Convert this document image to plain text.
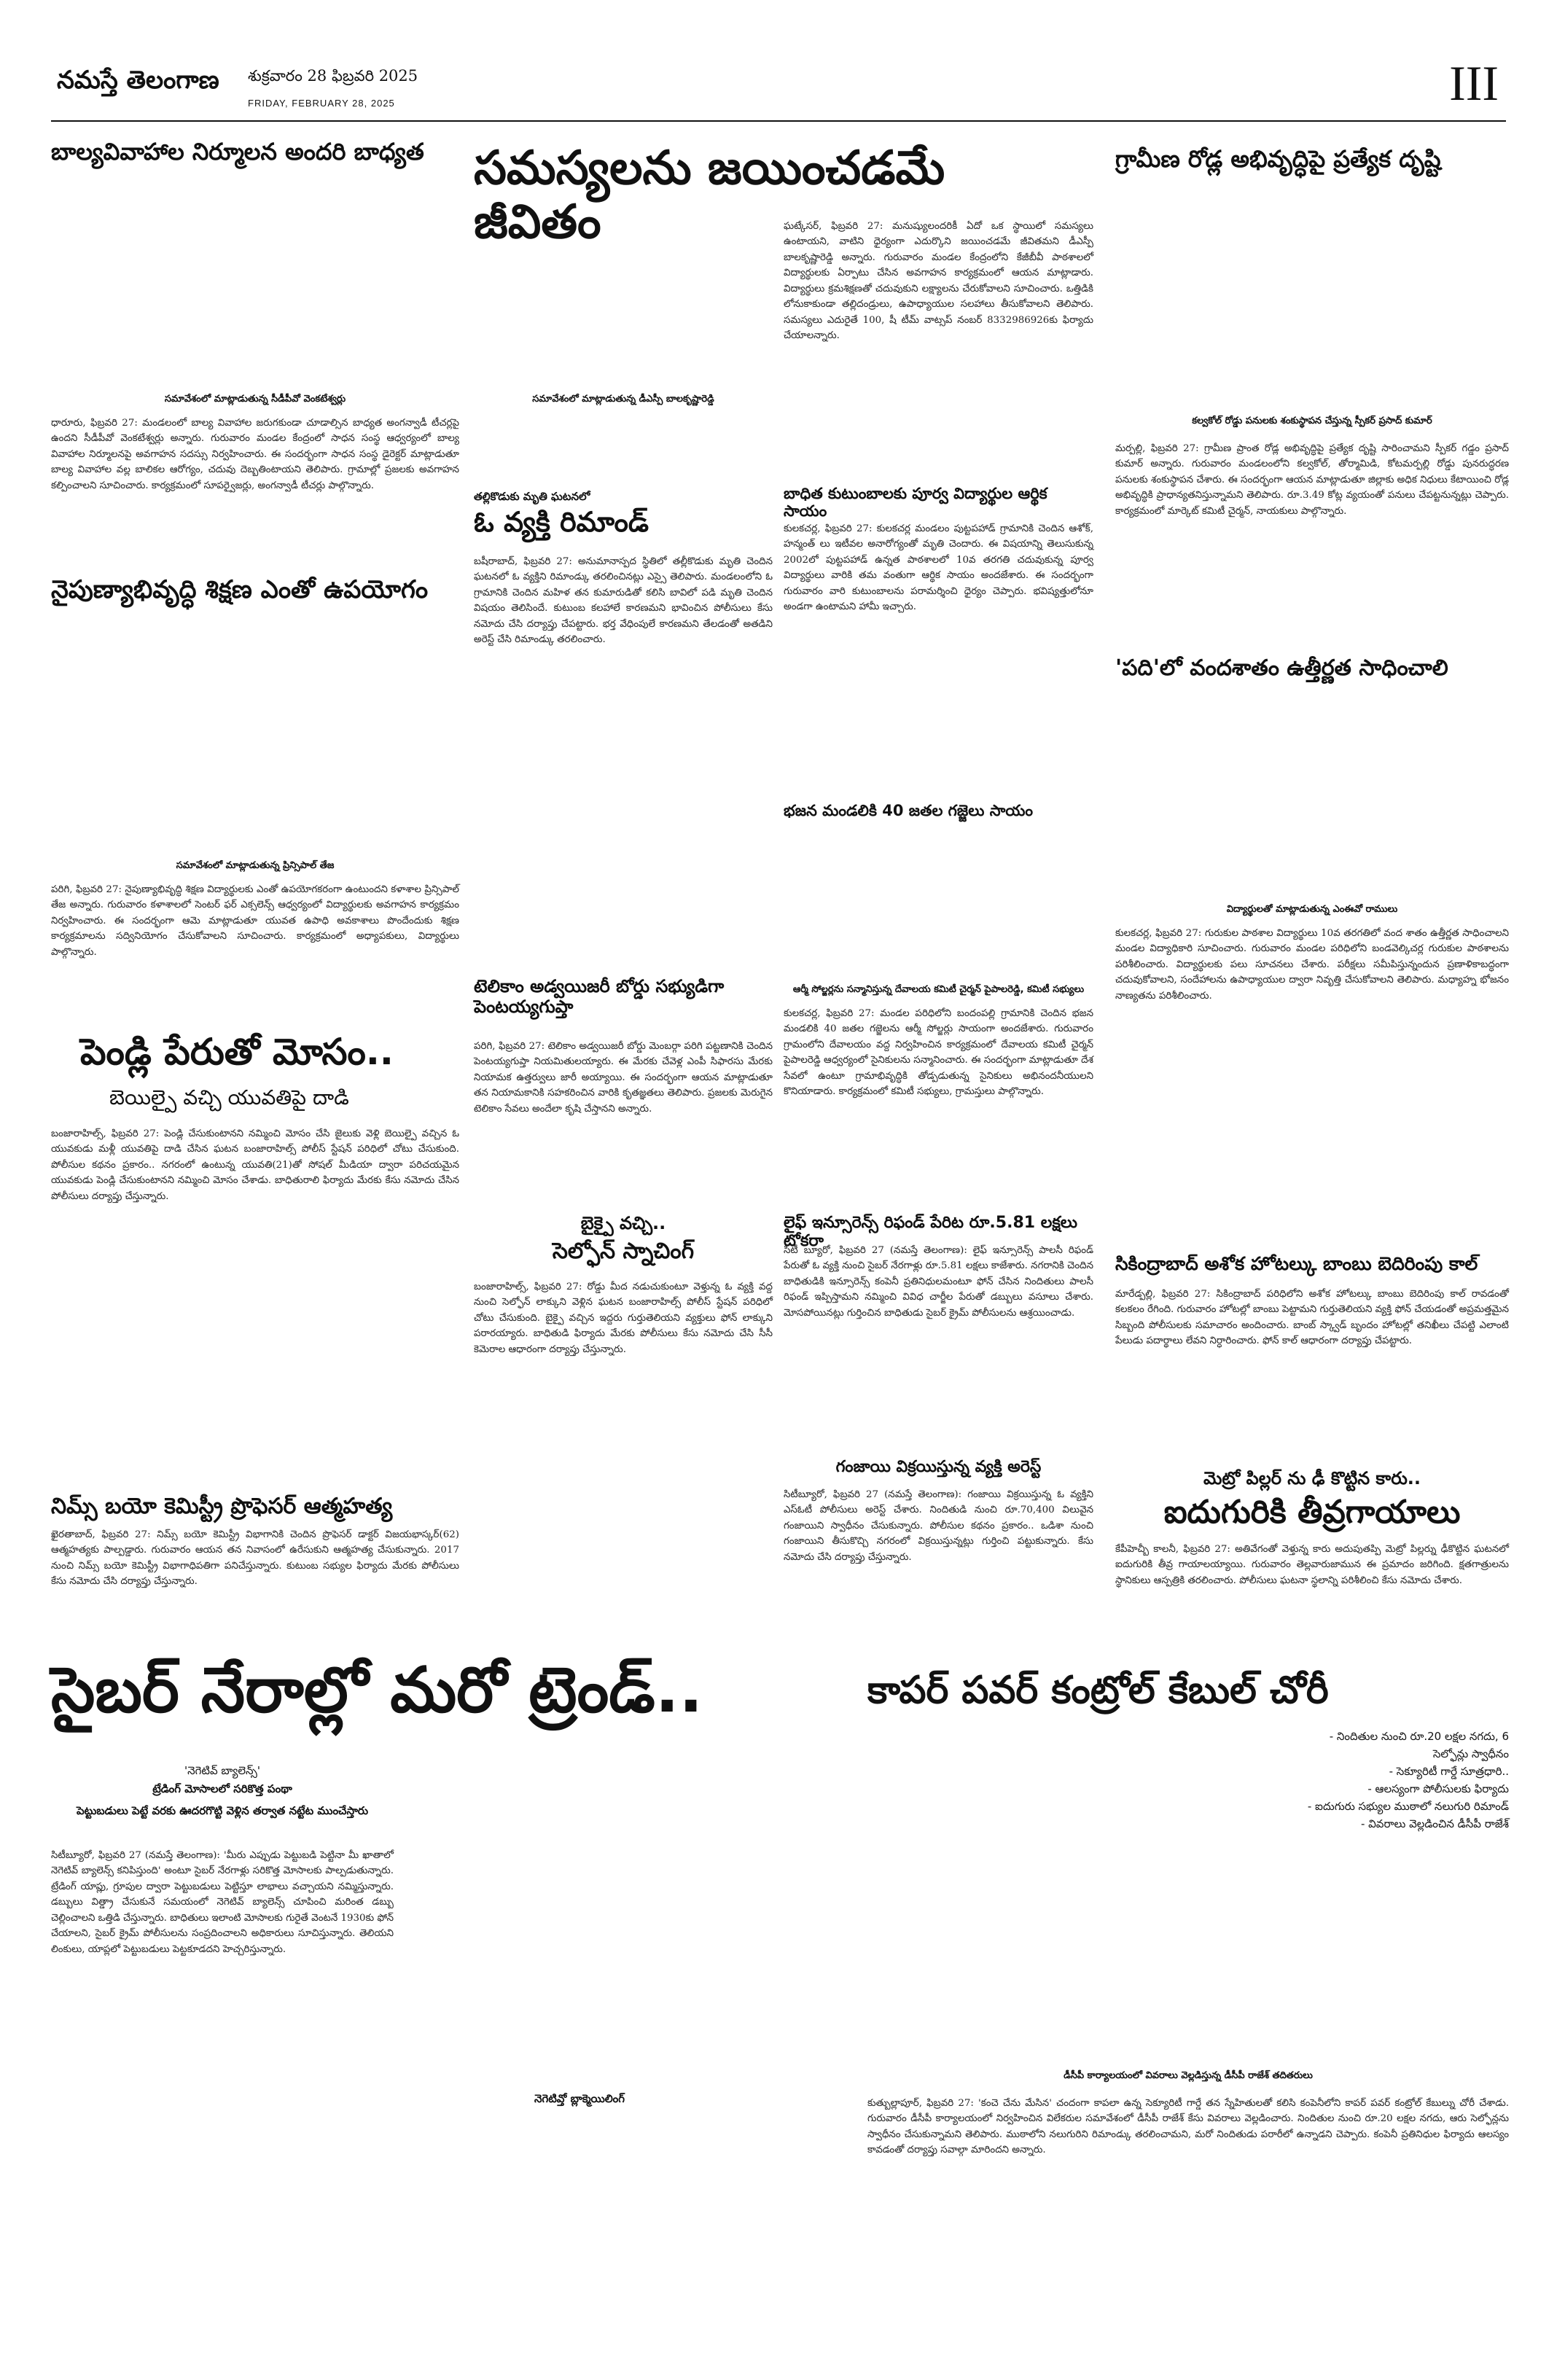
నమస్తే తెలంగాణ శుక్రవారం 28 ఫిబ్రవరి 2025
FRIDAY, FEBRUARY 28, 2025	III
బాల్యవివాహాల నిర్మూలన అందరి బాధ్యత
సమావేశంలో మాట్లాడుతున్న సీడీపీవో వెంకటేశ్వర్లు
ధారూరు, ఫిబ్రవరి 27: మండలంలో బాల్య వివాహాల జరుగకుండా చూడాల్సిన బాధ్యత అంగన్వాడీ టీచర్లపై ఉందని సీడీపీవో వెంకటేశ్వర్లు అన్నారు. గురువారం మండల కేంద్రంలో సాధన సంస్థ ఆధ్వర్యంలో బాల్య వివాహాల నిర్మూలనపై అవగాహన సదస్సు నిర్వహించారు. ఈ సందర్భంగా సాధన సంస్థ డైరెక్టర్ మాట్లాడుతూ బాల్య వివాహాల వల్ల బాలికల ఆరోగ్యం, చదువు దెబ్బతింటాయని తెలిపారు. గ్రామాల్లో ప్రజలకు అవగాహన కల్పించాలని సూచించారు. కార్యక్రమంలో సూపర్వైజర్లు, అంగన్వాడీ టీచర్లు పాల్గొన్నారు.
సమస్యలను జయించడమే జీవితం	ఘట్కేసర్, ఫిబ్రవరి 27: మనుష్యులందరికీ ఏదో ఒక స్థాయిలో సమస్యలు ఉంటాయని, వాటిని ధైర్యంగా ఎదుర్కొని జయించడమే జీవితమని డీఎస్పీ బాలకృష్ణారెడ్డి అన్నారు. గురువారం మండల కేంద్రంలోని కేజీబీవీ పాఠశాలలో విద్యార్థులకు ఏర్పాటు చేసిన అవగాహన కార్యక్రమంలో ఆయన మాట్లాడారు. విద్యార్థులు క్రమశిక్షణతో చదువుకుని లక్ష్యాలను చేరుకోవాలని సూచించారు. ఒత్తిడికి లోనుకాకుండా తల్లిదండ్రులు, ఉపాధ్యాయుల సలహాలు తీసుకోవాలని తెలిపారు. సమస్యలు ఎదురైతే 100, షీ టీమ్ వాట్సప్ నంబర్ 8332986926కు ఫిర్యాదు చేయాలన్నారు.
సమావేశంలో మాట్లాడుతున్న డీఎస్పీ బాలకృష్ణారెడ్డి
గ్రామీణ రోడ్ల అభివృద్ధిపై ప్రత్యేక దృష్టి
కల్వకోల్ రోడ్డు పనులకు శంకుస్థాపన చేస్తున్న స్పీకర్ ప్రసాద్ కుమార్
మర్పల్లి, ఫిబ్రవరి 27: గ్రామీణ ప్రాంత రోడ్ల అభివృద్ధిపై ప్రత్యేక దృష్టి సారించామని స్పీకర్ గడ్డం ప్రసాద్ కుమార్ అన్నారు. గురువారం మండలంలోని కల్వకోల్, తోర్మామిడి, కోటమర్పల్లి రోడ్డు పునరుద్ధరణ పనులకు శంకుస్థాపన చేశారు. ఈ సందర్భంగా ఆయన మాట్లాడుతూ జిల్లాకు అధిక నిధులు కేటాయించి రోడ్ల అభివృద్ధికి ప్రాధాన్యతనిస్తున్నామని తెలిపారు. రూ.3.49 కోట్ల వ్యయంతో పనులు చేపట్టనున్నట్లు చెప్పారు. కార్యక్రమంలో మార్కెట్ కమిటీ చైర్మన్, నాయకులు పాల్గొన్నారు.
నైపుణ్యాభివృద్ధి శిక్షణ ఎంతో ఉపయోగం
సమావేశంలో మాట్లాడుతున్న ప్రిన్సిపాల్ తేజ
పరిగి, ఫిబ్రవరి 27: నైపుణ్యాభివృద్ధి శిక్షణ విద్యార్థులకు ఎంతో ఉపయోగకరంగా ఉంటుందని కళాశాల ప్రిన్సిపాల్ తేజ అన్నారు. గురువారం కళాశాలలో సెంటర్ ఫర్ ఎక్సలెన్స్ ఆధ్వర్యంలో విద్యార్థులకు అవగాహన కార్యక్రమం నిర్వహించారు. ఈ సందర్భంగా ఆమె మాట్లాడుతూ యువత ఉపాధి అవకాశాలు పొందేందుకు శిక్షణ కార్యక్రమాలను సద్వినియోగం చేసుకోవాలని సూచించారు. కార్యక్రమంలో అధ్యాపకులు, విద్యార్థులు పాల్గొన్నారు.
తల్లికొడుకు మృతి ఘటనలో
ఓ వ్యక్తి రిమాండ్
బషీరాబాద్, ఫిబ్రవరి 27: అనుమానాస్పద స్థితిలో తల్లీకొడుకు మృతి చెందిన ఘటనలో ఓ వ్యక్తిని రిమాండ్కు తరలించినట్లు ఎస్సై తెలిపారు. మండలంలోని ఓ గ్రామానికి చెందిన మహిళ తన కుమారుడితో కలిసి బావిలో పడి మృతి చెందిన విషయం తెలిసిందే. కుటుంబ కలహాలే కారణమని భావించిన పోలీసులు కేసు నమోదు చేసి దర్యాప్తు చేపట్టారు. భర్త వేధింపులే కారణమని తేలడంతో అతడిని అరెస్ట్ చేసి రిమాండ్కు తరలించారు.
బాధిత కుటుంబాలకు పూర్వ విద్యార్థుల ఆర్థిక సాయం
కులకచర్ల, ఫిబ్రవరి 27: కులకచర్ల మండలం పుట్టపహాడ్ గ్రామానికి చెందిన ఆశోక్, హన్మంత్ లు ఇటీవల అనారోగ్యంతో మృతి చెందారు. ఈ విషయాన్ని తెలుసుకున్న 2002లో పుట్టపహాడ్ ఉన్నత పాఠశాలలో 10వ తరగతి చదువుకున్న పూర్వ విద్యార్థులు వారికి తమ వంతుగా ఆర్థిక సాయం అందజేశారు. ఈ సందర్భంగా గురువారం వారి కుటుంబాలను పరామర్శించి ధైర్యం చెప్పారు. భవిష్యత్తులోనూ అండగా ఉంటామని హామీ ఇచ్చారు.
భజన మండలికి 40 జతల గజ్జెలు సాయం
ఆర్మీ సోల్జర్లను సన్మానిస్తున్న దేవాలయ కమిటీ చైర్మన్ పైపాలరెడ్డి, కమిటీ సభ్యులు
కులకచర్ల, ఫిబ్రవరి 27: మండల పరిధిలోని బందంపల్లి గ్రామానికి చెందిన భజన మండలికి 40 జతల గజ్జెలను ఆర్మీ సోల్జర్లు సాయంగా అందజేశారు. గురువారం గ్రామంలోని దేవాలయం వద్ద నిర్వహించిన కార్యక్రమంలో దేవాలయ కమిటీ చైర్మన్ పైపాలరెడ్డి ఆధ్వర్యంలో సైనికులను సన్మానించారు. ఈ సందర్భంగా మాట్లాడుతూ దేశ సేవలో ఉంటూ గ్రామాభివృద్ధికి తోడ్పడుతున్న సైనికులు అభినందనీయులని కొనియాడారు. కార్యక్రమంలో కమిటీ సభ్యులు, గ్రామస్తులు పాల్గొన్నారు.
'పది'లో వందశాతం ఉత్తీర్ణత సాధించాలి
విద్యార్థులతో మాట్లాడుతున్న ఎంఈవో రాములు
కులకచర్ల, ఫిబ్రవరి 27: గురుకుల పాఠశాల విద్యార్థులు 10వ తరగతిలో వంద శాతం ఉత్తీర్ణత సాధించాలని మండల విద్యాధికారి సూచించారు. గురువారం మండల పరిధిలోని బండవెల్కిచర్ల గురుకుల పాఠశాలను పరిశీలించారు. విద్యార్థులకు పలు సూచనలు చేశారు. పరీక్షలు సమీపిస్తున్నందున ప్రణాళికాబద్ధంగా చదువుకోవాలని, సందేహాలను ఉపాధ్యాయుల ద్వారా నివృత్తి చేసుకోవాలని తెలిపారు. మధ్యాహ్న భోజనం నాణ్యతను పరిశీలించారు.
పెండ్లి పేరుతో మోసం..
బెయిల్పై వచ్చి యువతిపై దాడి
బంజారాహిల్స్, ఫిబ్రవరి 27: పెండ్లి చేసుకుంటానని నమ్మించి మోసం చేసి జైలుకు వెళ్లి బెయిల్పై వచ్చిన ఓ యువకుడు మళ్లీ యువతిపై దాడి చేసిన ఘటన బంజారాహిల్స్ పోలీస్ స్టేషన్ పరిధిలో చోటు చేసుకుంది. పోలీసుల కథనం ప్రకారం.. నగరంలో ఉంటున్న యువతి(21)తో సోషల్ మీడియా ద్వారా పరిచయమైన యువకుడు పెండ్లి చేసుకుంటానని నమ్మించి మోసం చేశాడు. బాధితురాలి ఫిర్యాదు మేరకు కేసు నమోదు చేసిన పోలీసులు దర్యాప్తు చేస్తున్నారు.
టెలికాం అడ్వయిజరీ బోర్డు సభ్యుడిగా పెంటయ్యగుప్తా
పరిగి, ఫిబ్రవరి 27: టెలికాం అడ్వయిజరీ బోర్డు మెంబర్గా పరిగి పట్టణానికి చెందిన పెంటయ్యగుప్తా నియమితులయ్యారు. ఈ మేరకు చేవెళ్ల ఎంపీ సిఫారసు మేరకు నియామక ఉత్తర్వులు జారీ అయ్యాయి. ఈ సందర్భంగా ఆయన మాట్లాడుతూ తన నియామకానికి సహకరించిన వారికి కృతజ్ఞతలు తెలిపారు. ప్రజలకు మెరుగైన టెలికాం సేవలు అందేలా కృషి చేస్తానని అన్నారు.
బైక్పై వచ్చి..
సెల్ఫోన్ స్నాచింగ్
బంజారాహిల్స్, ఫిబ్రవరి 27: రోడ్డు మీద నడుచుకుంటూ వెళ్తున్న ఓ వ్యక్తి వద్ద నుంచి సెల్ఫోన్ లాక్కుని వెళ్లిన ఘటన బంజారాహిల్స్ పోలీస్ స్టేషన్ పరిధిలో చోటు చేసుకుంది. బైక్పై వచ్చిన ఇద్దరు గుర్తుతెలియని వ్యక్తులు ఫోన్ లాక్కుని పరారయ్యారు. బాధితుడి ఫిర్యాదు మేరకు పోలీసులు కేసు నమోదు చేసి సీసీ కెమెరాల ఆధారంగా దర్యాప్తు చేస్తున్నారు.
లైఫ్ ఇన్సూరెన్స్ రిఫండ్ పేరిట రూ.5.81 లక్షలు టోకరా
సిటీ బ్యూరో, ఫిబ్రవరి 27 (నమస్తే తెలంగాణ): లైఫ్ ఇన్సూరెన్స్ పాలసీ రిఫండ్ పేరుతో ఓ వ్యక్తి నుంచి సైబర్ నేరగాళ్లు రూ.5.81 లక్షలు కాజేశారు. నగరానికి చెందిన బాధితుడికి ఇన్సూరెన్స్ కంపెనీ ప్రతినిధులమంటూ ఫోన్ చేసిన నిందితులు పాలసీ రిఫండ్ ఇప్పిస్తామని నమ్మించి వివిధ చార్జీల పేరుతో డబ్బులు వసూలు చేశారు. మోసపోయినట్లు గుర్తించిన బాధితుడు సైబర్ క్రైమ్ పోలీసులను ఆశ్రయించాడు.
గంజాయి విక్రయిస్తున్న వ్యక్తి అరెస్ట్
సిటీబ్యూరో, ఫిబ్రవరి 27 (నమస్తే తెలంగాణ): గంజాయి విక్రయిస్తున్న ఓ వ్యక్తిని ఎస్ఓటీ పోలీసులు అరెస్ట్ చేశారు. నిందితుడి నుంచి రూ.70,400 విలువైన గంజాయిని స్వాధీనం చేసుకున్నారు. పోలీసుల కథనం ప్రకారం.. ఒడిశా నుంచి గంజాయిని తీసుకొచ్చి నగరంలో విక్రయిస్తున్నట్లు గుర్తించి పట్టుకున్నారు. కేసు నమోదు చేసి దర్యాప్తు చేస్తున్నారు.
నిమ్స్ బయో కెమిస్ట్రీ ప్రొఫెసర్ ఆత్మహత్య
ఖైరతాబాద్, ఫిబ్రవరి 27: నిమ్స్ బయో కెమిస్ట్రీ విభాగానికి చెందిన ప్రొఫెసర్ డాక్టర్ విజయభాస్కర్(62) ఆత్మహత్యకు పాల్పడ్డారు. గురువారం ఆయన తన నివాసంలో ఉరేసుకుని ఆత్మహత్య చేసుకున్నారు. 2017 నుంచి నిమ్స్ బయో కెమిస్ట్రీ విభాగాధిపతిగా పనిచేస్తున్నారు. కుటుంబ సభ్యుల ఫిర్యాదు మేరకు పోలీసులు కేసు నమోదు చేసి దర్యాప్తు చేస్తున్నారు.
సికింద్రాబాద్ అశోక హోటల్కు బాంబు బెదిరింపు కాల్
మారేడ్పల్లి, ఫిబ్రవరి 27: సికింద్రాబాద్ పరిధిలోని అశోక హోటల్కు బాంబు బెదిరింపు కాల్ రావడంతో కలకలం రేగింది. గురువారం హోటల్లో బాంబు పెట్టామని గుర్తుతెలియని వ్యక్తి ఫోన్ చేయడంతో అప్రమత్తమైన సిబ్బంది పోలీసులకు సమాచారం అందించారు. బాంబ్ స్క్వాడ్ బృందం హోటల్లో తనిఖీలు చేపట్టి ఎలాంటి పేలుడు పదార్థాలు లేవని నిర్ధారించారు. ఫోన్ కాల్ ఆధారంగా దర్యాప్తు చేపట్టారు.
మెట్రో పిల్లర్ ను ఢీ కొట్టిన కారు..
ఐదుగురికి తీవ్రగాయాలు
కేపీహెచ్బీ కాలనీ, ఫిబ్రవరి 27: అతివేగంతో వెళ్తున్న కారు అదుపుతప్పి మెట్రో పిల్లర్ను ఢీకొట్టిన ఘటనలో ఐదుగురికి తీవ్ర గాయాలయ్యాయి. గురువారం తెల్లవారుజామున ఈ ప్రమాదం జరిగింది. క్షతగాత్రులను స్థానికులు ఆస్పత్రికి తరలించారు. పోలీసులు ఘటనా స్థలాన్ని పరిశీలించి కేసు నమోదు చేశారు.
సైబర్ నేరాల్లో మరో ట్రెండ్..
'నెగెటివ్ బ్యాలెన్స్'
ట్రేడింగ్ మోసాలలో సరికొత్త పంథా
పెట్టుబడులు పెట్టే వరకు ఊదరగొట్టి వెళ్లిన తర్వాత నట్టేట ముంచేస్తారు
సిటీబ్యూరో, ఫిబ్రవరి 27 (నమస్తే తెలంగాణ): 'మీరు ఎప్పుడు పెట్టుబడి పెట్టినా మీ ఖాతాలో నెగెటివ్ బ్యాలెన్స్ కనిపిస్తుంది' అంటూ సైబర్ నేరగాళ్లు సరికొత్త మోసాలకు పాల్పడుతున్నారు. ట్రేడింగ్ యాప్లు, గ్రూపుల ద్వారా పెట్టుబడులు పెట్టిస్తూ లాభాలు వచ్చాయని నమ్మిస్తున్నారు. డబ్బులు విత్డ్రా చేసుకునే సమయంలో నెగెటివ్ బ్యాలెన్స్ చూపించి మరింత డబ్బు చెల్లించాలని ఒత్తిడి చేస్తున్నారు. బాధితులు ఇలాంటి మోసాలకు గురైతే వెంటనే 1930కు ఫోన్ చేయాలని, సైబర్ క్రైమ్ పోలీసులను సంప్రదించాలని అధికారులు సూచిస్తున్నారు. తెలియని లింకులు, యాప్లలో పెట్టుబడులు పెట్టకూడదని హెచ్చరిస్తున్నారు.
నెగెటివ్తో బ్లాక్మెయిలింగ్
కాపర్ పవర్ కంట్రోల్ కేబుల్ చోరీ
- నిందితుల నుంచి రూ.20 లక్షల నగదు, 6 సెల్ఫోన్లు స్వాధీనం
- సెక్యూరిటీ గార్డే సూత్రధారి..
- ఆలస్యంగా పోలీసులకు ఫిర్యాదు
- ఐదుగురు సభ్యుల ముఠాలో నలుగురి రిమాండ్
- వివరాలు వెల్లడించిన డీసీపీ రాజేశ్
డీసీపీ కార్యాలయంలో వివరాలు వెల్లడిస్తున్న డీసీపీ రాజేశ్ తదితరులు
కుత్బుల్లాపూర్, ఫిబ్రవరి 27: 'కంచె చేను మేసిన' చందంగా కాపలా ఉన్న సెక్యూరిటీ గార్డే తన స్నేహితులతో కలిసి కంపెనీలోని కాపర్ పవర్ కంట్రోల్ కేబుల్ను చోరీ చేశాడు. గురువారం డీసీపీ కార్యాలయంలో నిర్వహించిన విలేకరుల సమావేశంలో డీసీపీ రాజేశ్ కేసు వివరాలు వెల్లడించారు. నిందితుల నుంచి రూ.20 లక్షల నగదు, ఆరు సెల్ఫోన్లను స్వాధీనం చేసుకున్నామని తెలిపారు. ముఠాలోని నలుగురిని రిమాండ్కు తరలించామని, మరో నిందితుడు పరారీలో ఉన్నాడని చెప్పారు. కంపెనీ ప్రతినిధుల ఫిర్యాదు ఆలస్యం కావడంతో దర్యాప్తు సవాల్గా మారిందని అన్నారు.
